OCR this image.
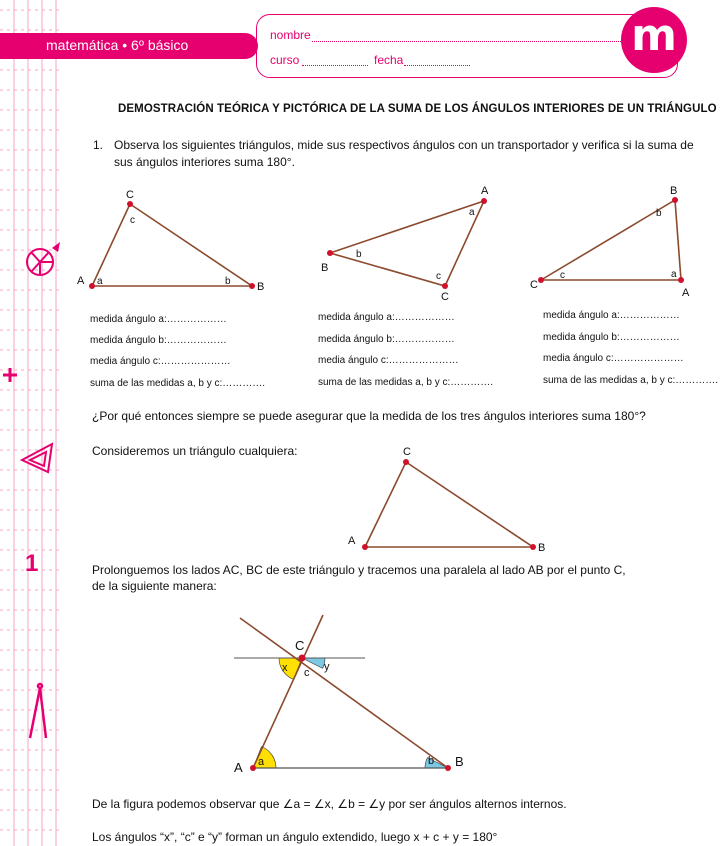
1
matemática • 6º básico
nombre
curso	fecha	m
DEMOSTRACIÓN TEÓRICA Y PICTÓRICA DE LA SUMA DE LOS ÁNGULOS INTERIORES DE UN TRIÁNGULO
1. Observa los siguientes triángulos, mide sus respectivos ángulos con un transportador y verifica si la suma de sus ángulos interiores suma 180°.
A
C
B
a
c
b
B
A
C
b
a
c
C
B
A
c
b
a
medida ángulo a:………………
medida ángulo b:………………
media ángulo c:…………………
suma de las medidas a, b y c:………….
medida ángulo a:………………
medida ángulo b:………………
media ángulo c:…………………
suma de las medidas a, b y c:………….
medida ángulo a:………………
medida ángulo b:………………
media ángulo c:…………………
suma de las medidas a, b y c:………….
¿Por qué entonces siempre se puede asegurar que la medida de los tres ángulos interiores suma 180°?
Consideremos un triángulo cualquiera:
A
C
B
Prolonguemos los lados AC, BC de este triángulo y tracemos una paralela al lado AB por el punto C,
de la siguiente manera:
A	B
C
a	b
c
x	y
De la figura podemos observar que ∠a = ∠x, ∠b = ∠y por ser ángulos alternos internos.
Los ángulos “x”, “c” e “y” forman un ángulo extendido, luego x + c + y = 180°
